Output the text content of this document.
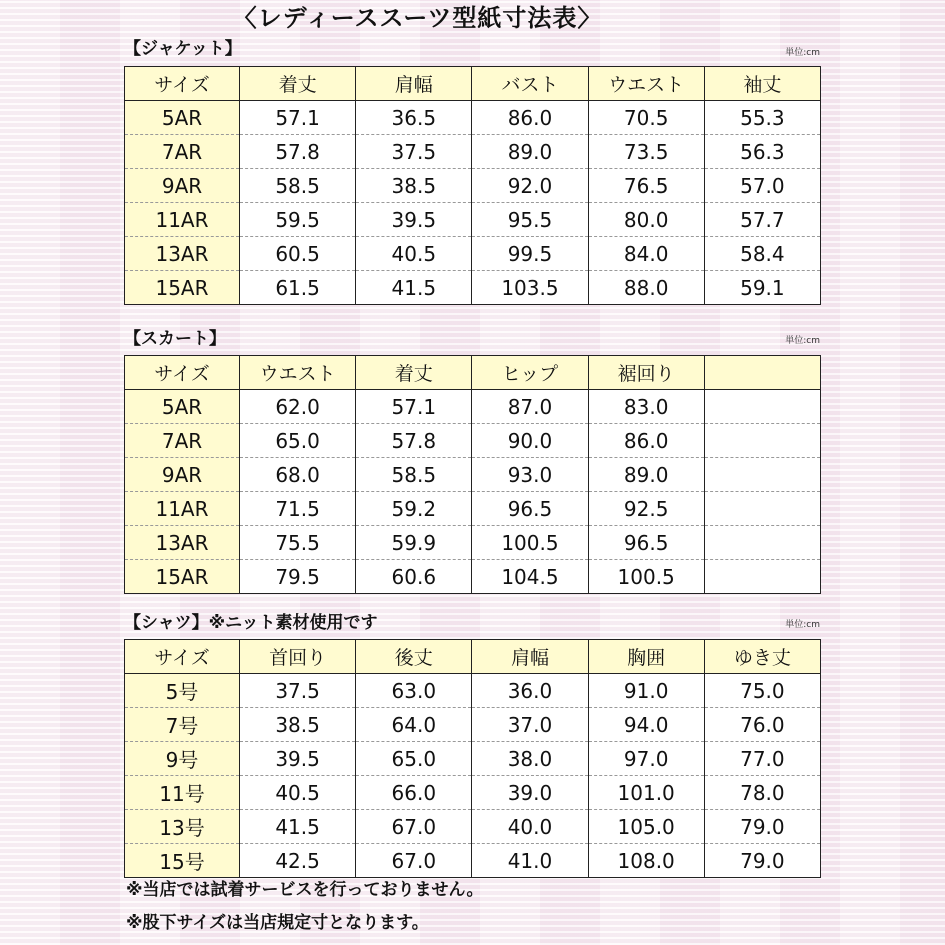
〈レディーススーツ型紙寸法表〉
【ジャケット】	単位:cm
サイズ	着丈	肩幅	バスト	ウエスト	袖丈
5AR	57.1	36.5	86.0	70.5	55.3
7AR	57.8	37.5	89.0	73.5	56.3
9AR	58.5	38.5	92.0	76.5	57.0
11AR	59.5	39.5	95.5	80.0	57.7
13AR	60.5	40.5	99.5	84.0	58.4
15AR	61.5	41.5	103.5	88.0	59.1
【スカート】	単位:cm
サイズ	ウエスト	着丈	ヒップ	裾回り	
5AR	62.0	57.1	87.0	83.0	
7AR	65.0	57.8	90.0	86.0	
9AR	68.0	58.5	93.0	89.0	
11AR	71.5	59.2	96.5	92.5	
13AR	75.5	59.9	100.5	96.5	
15AR	79.5	60.6	104.5	100.5	
【シャツ】※ニット素材使用です	単位:cm
サイズ	首回り	後丈	肩幅	胸囲	ゆき丈
5号	37.5	63.0	36.0	91.0	75.0
7号	38.5	64.0	37.0	94.0	76.0
9号	39.5	65.0	38.0	97.0	77.0
11号	40.5	66.0	39.0	101.0	78.0
13号	41.5	67.0	40.0	105.0	79.0
15号	42.5	67.0	41.0	108.0	79.0
※当店では試着サービスを行っておりません。
※股下サイズは当店規定寸となります。
